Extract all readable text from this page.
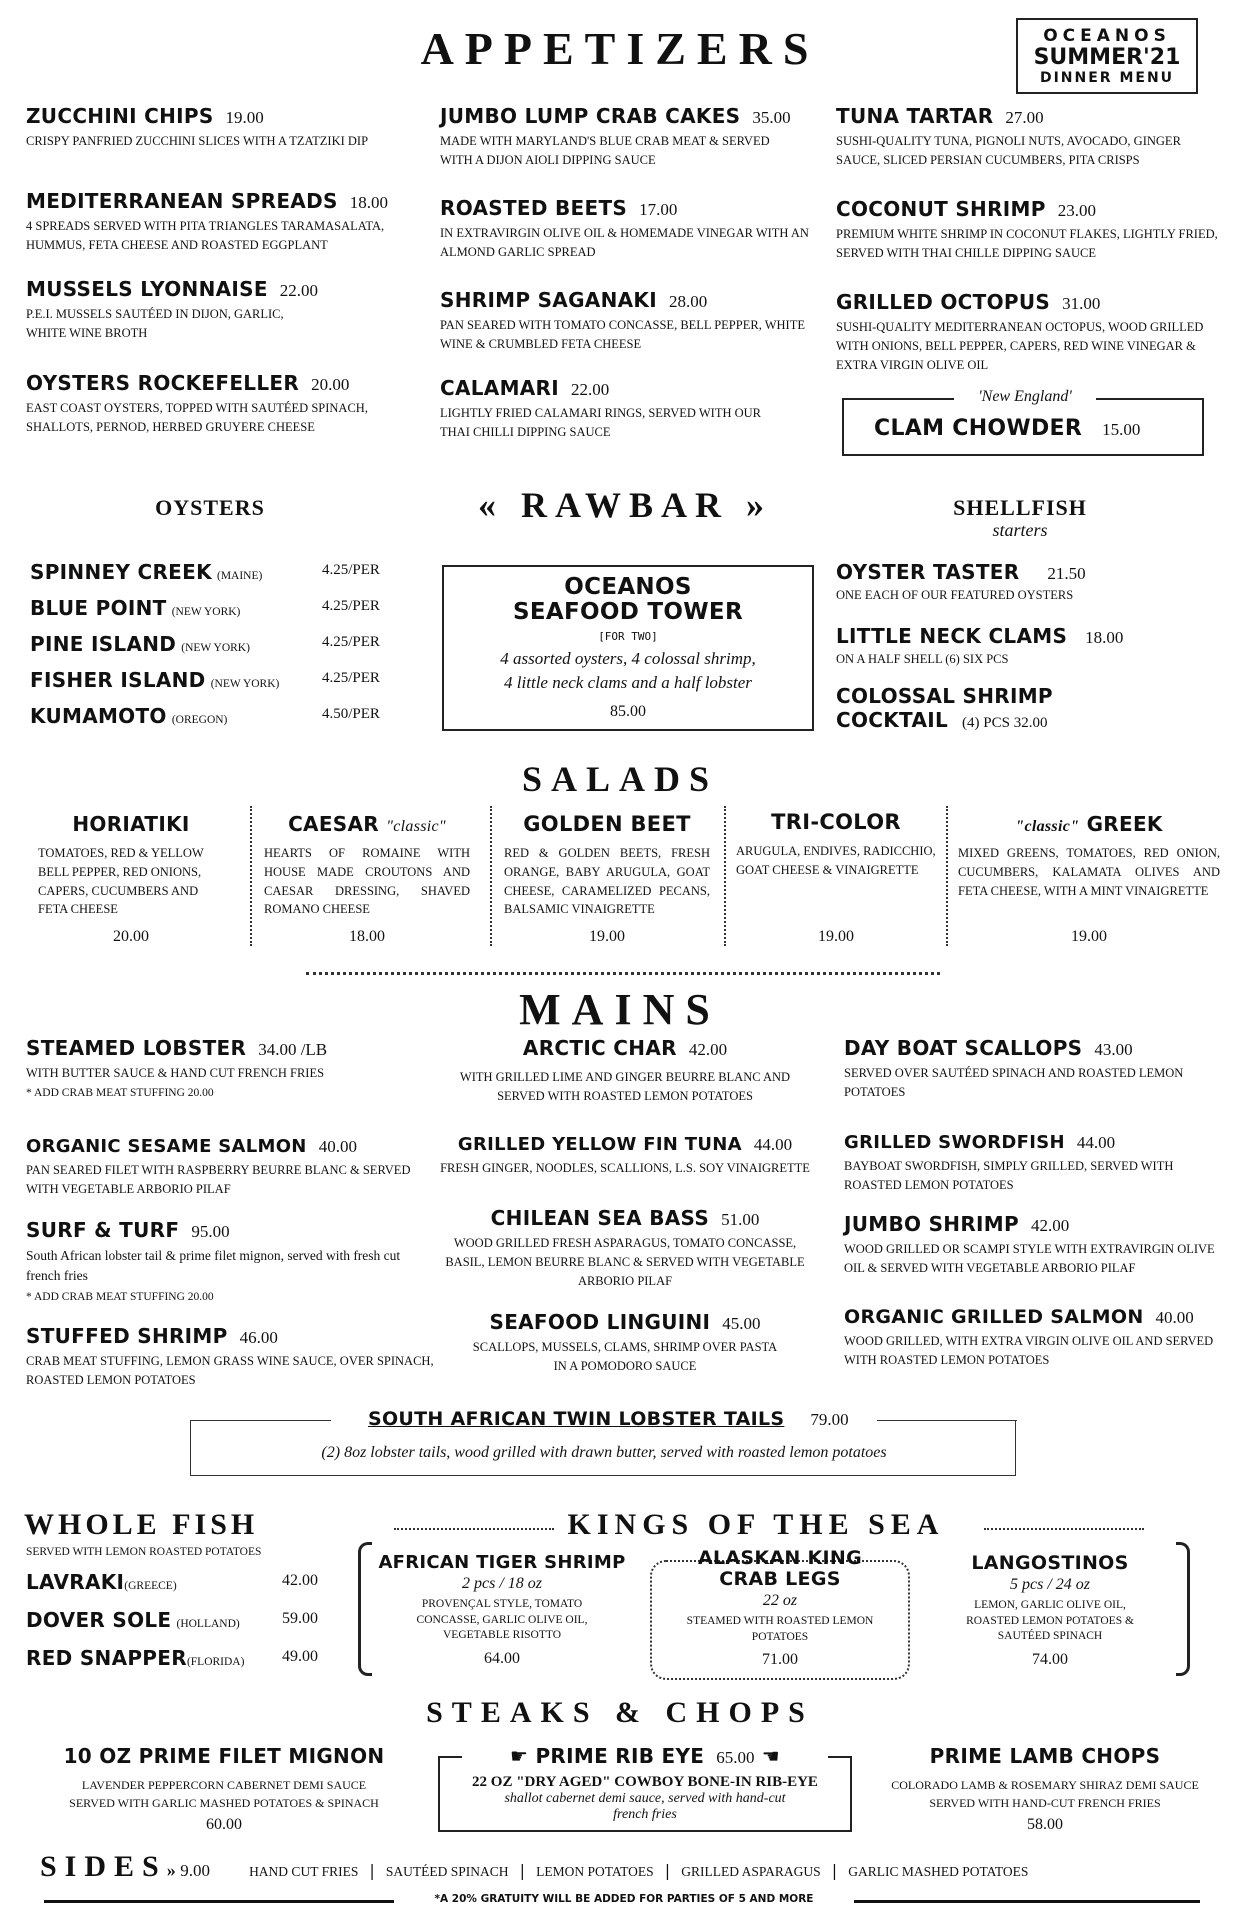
APPETIZERS	OCEANOS
SUMMER'21
DINNER MENU
ZUCCHINI CHIPS 19.00
CRISPY PANFRIED ZUCCHINI SLICES WITH A TZATZIKI DIP
MEDITERRANEAN SPREADS 18.00
4 SPREADS SERVED WITH PITA TRIANGLES TARAMASALATA, HUMMUS, FETA CHEESE AND ROASTED EGGPLANT
MUSSELS LYONNAISE 22.00
P.E.I. MUSSELS SAUTÉED IN DIJON, GARLIC, WHITE WINE BROTH
OYSTERS ROCKEFELLER 20.00
EAST COAST OYSTERS, TOPPED WITH SAUTÉED SPINACH, SHALLOTS, PERNOD, HERBED GRUYERE CHEESE
JUMBO LUMP CRAB CAKES 35.00
MADE WITH MARYLAND'S BLUE CRAB MEAT & SERVED WITH A DIJON AIOLI DIPPING SAUCE
ROASTED BEETS 17.00
IN EXTRAVIRGIN OLIVE OIL & HOMEMADE VINEGAR WITH AN ALMOND GARLIC SPREAD
SHRIMP SAGANAKI 28.00
PAN SEARED WITH TOMATO CONCASSE, BELL PEPPER, WHITE WINE & CRUMBLED FETA CHEESE
CALAMARI 22.00
LIGHTLY FRIED CALAMARI RINGS, SERVED WITH OUR THAI CHILLI DIPPING SAUCE
TUNA TARTAR 27.00
SUSHI-QUALITY TUNA, PIGNOLI NUTS, AVOCADO, GINGER SAUCE, SLICED PERSIAN CUCUMBERS, PITA CRISPS
COCONUT SHRIMP 23.00
PREMIUM WHITE SHRIMP IN COCONUT FLAKES, LIGHTLY FRIED, SERVED WITH THAI CHILLE DIPPING SAUCE
GRILLED OCTOPUS 31.00
SUSHI-QUALITY MEDITERRANEAN OCTOPUS, WOOD GRILLED WITH ONIONS, BELL PEPPER, CAPERS, RED WINE VINEGAR & EXTRA VIRGIN OLIVE OIL
'New England'
CLAM CHOWDER 15.00
OYSTERS	« RAWBAR »	SHELLFISH
starters
SPINNEY CREEK (MAINE)	4.25/PER
BLUE POINT (NEW YORK)	4.25/PER
PINE ISLAND (NEW YORK)	4.25/PER
FISHER ISLAND (NEW YORK)	4.25/PER
KUMAMOTO (OREGON)	4.50/PER
OCEANOS
SEAFOOD TOWER
[FOR TWO]
4 assorted oysters, 4 colossal shrimp,
4 little neck clams and a half lobster
85.00
OYSTER TASTER 21.50
ONE EACH OF OUR FEATURED OYSTERS
LITTLE NECK CLAMS 18.00
ON A HALF SHELL (6) SIX PCS
COLOSSAL SHRIMP
COCKTAIL (4) PCS 32.00
SALADS
HORIATIKI
TOMATOES, RED & YELLOW BELL PEPPER, RED ONIONS, CAPERS, CUCUMBERS AND FETA CHEESE
20.00
CAESAR "classic"
HEARTS OF ROMAINE WITH HOUSE MADE CROUTONS AND CAESAR DRESSING, SHAVED ROMANO CHEESE
18.00
GOLDEN BEET
RED & GOLDEN BEETS, FRESH ORANGE, BABY ARUGULA, GOAT CHEESE, CARAMELIZED PECANS, BALSAMIC VINAIGRETTE
19.00
TRI-COLOR
ARUGULA, ENDIVES, RADICCHIO, GOAT CHEESE & VINAIGRETTE
19.00
"classic" GREEK
MIXED GREENS, TOMATOES, RED ONION, CUCUMBERS, KALAMATA OLIVES AND FETA CHEESE, WITH A MINT VINAIGRETTE
19.00
MAINS
STEAMED LOBSTER 34.00 /LB
WITH BUTTER SAUCE & HAND CUT FRENCH FRIES
* ADD CRAB MEAT STUFFING 20.00
ORGANIC SESAME SALMON 40.00
PAN SEARED FILET WITH RASPBERRY BEURRE BLANC & SERVED WITH VEGETABLE ARBORIO PILAF
SURF & TURF 95.00
South African lobster tail & prime filet mignon, served with fresh cut french fries
* ADD CRAB MEAT STUFFING 20.00
STUFFED SHRIMP 46.00
CRAB MEAT STUFFING, LEMON GRASS WINE SAUCE, OVER SPINACH, ROASTED LEMON POTATOES
ARCTIC CHAR 42.00
WITH GRILLED LIME AND GINGER BEURRE BLANC AND SERVED WITH ROASTED LEMON POTATOES
GRILLED YELLOW FIN TUNA 44.00
FRESH GINGER, NOODLES, SCALLIONS, L.S. SOY VINAIGRETTE
CHILEAN SEA BASS 51.00
WOOD GRILLED FRESH ASPARAGUS, TOMATO CONCASSE, BASIL, LEMON BEURRE BLANC & SERVED WITH VEGETABLE ARBORIO PILAF
SEAFOOD LINGUINI 45.00
SCALLOPS, MUSSELS, CLAMS, SHRIMP OVER PASTA IN A POMODORO SAUCE
DAY BOAT SCALLOPS 43.00
SERVED OVER SAUTÉED SPINACH AND ROASTED LEMON POTATOES
GRILLED SWORDFISH 44.00
BAYBOAT SWORDFISH, SIMPLY GRILLED, SERVED WITH ROASTED LEMON POTATOES
JUMBO SHRIMP 42.00
WOOD GRILLED OR SCAMPI STYLE WITH EXTRAVIRGIN OLIVE OIL & SERVED WITH VEGETABLE ARBORIO PILAF
ORGANIC GRILLED SALMON 40.00
WOOD GRILLED, WITH EXTRA VIRGIN OLIVE OIL AND SERVED WITH ROASTED LEMON POTATOES
(2) 8oz lobster tails, wood grilled with drawn butter, served with roasted lemon potatoes
SOUTH AFRICAN TWIN LOBSTER TAILS 79.00
WHOLE FISH
SERVED WITH LEMON ROASTED POTATOES
LAVRAKI(GREECE)	42.00
DOVER SOLE (HOLLAND)	59.00
RED SNAPPER(FLORIDA) 49.00
KINGS OF THE SEA
AFRICAN TIGER SHRIMP
2 pcs / 18 oz
PROVENÇAL STYLE, TOMATO CONCASSE, GARLIC OLIVE OIL, VEGETABLE RISOTTO
64.00
ALASKAN KING
CRAB LEGS
22 oz
STEAMED WITH ROASTED LEMON POTATOES
71.00
LANGOSTINOS
5 pcs / 24 oz
LEMON, GARLIC OLIVE OIL, ROASTED LEMON POTATOES & SAUTÉED SPINACH
74.00
STEAKS & CHOPS
10 OZ PRIME FILET MIGNON
LAVENDER PEPPERCORN CABERNET DEMI SAUCE
SERVED WITH GARLIC MASHED POTATOES & SPINACH
60.00
☛ PRIME RIB EYE 65.00 ☚
22 OZ "DRY AGED" COWBOY BONE-IN RIB-EYE
shallot cabernet demi sauce, served with hand-cut
french fries
PRIME LAMB CHOPS
COLORADO LAMB & ROSEMARY SHIRAZ DEMI SAUCE
SERVED WITH HAND-CUT FRENCH FRIES
58.00
SIDES» 9.00	HAND CUT FRIES | SAUTÉED SPINACH | LEMON POTATOES | GRILLED ASPARAGUS | GARLIC MASHED POTATOES
*A 20% GRATUITY WILL BE ADDED FOR PARTIES OF 5 AND MORE
